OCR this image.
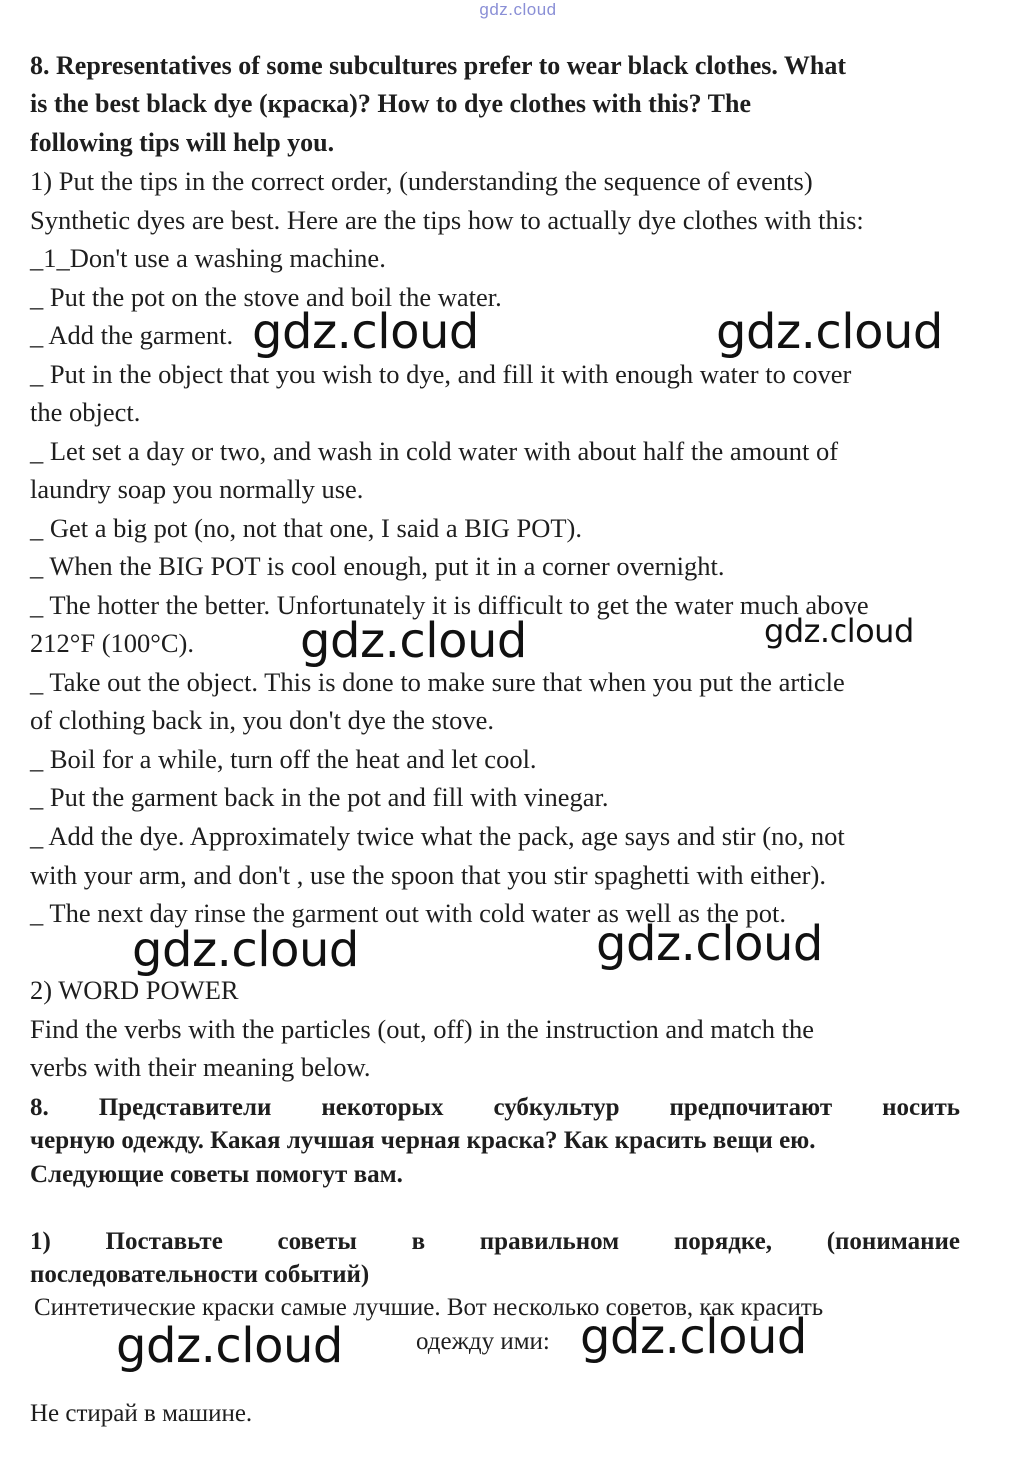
gdz.cloud
8. Representatives of some subcultures prefer to wear black clothes. What
is the best black dye (краска)? How to dye clothes with this? The
following tips will help you.
1) Put the tips in the correct order, (understanding the sequence of events)
Synthetic dyes are best. Here are the tips how to actually dye clothes with this:
_1_Don't use a washing machine.
_ Put the pot on the stove and boil the water.
_ Add the garment.
_ Put in the object that you wish to dye, and fill it with enough water to cover
the object.
_ Let set a day or two, and wash in cold water with about half the amount of
laundry soap you normally use.
_ Get a big pot (no, not that one, I said a BIG POT).
_ When the BIG POT is cool enough, put it in a corner overnight.
_ The hotter the better. Unfortunately it is difficult to get the water much above
212°F (100°C).
_ Take out the object. This is done to make sure that when you put the article
of clothing back in, you don't dye the stove.
_ Boil for a while, turn off the heat and let cool.
_ Put the garment back in the pot and fill with vinegar.
_ Add the dye. Approximately twice what the pack, age says and stir (no, not
with your arm, and don't , use the spoon that you stir spaghetti with either).
_ The next day rinse the garment out with cold water as well as the pot.
2) WORD POWER
Find the verbs with the particles (out, off) in the instruction and match the
verbs with their meaning below.
8. Представители некоторых субкультур предпочитают носить
черную одежду. Какая лучшая черная краска? Как красить вещи ею.
Следующие советы помогут вам.
1) Поставьте советы в правильном порядке, (понимание
последовательности событий)
Синтетические краски самые лучшие. Вот несколько советов, как красить
одежду ими:
Не стирай в машине.
gdz.cloud	gdz.cloud
gdz.cloud	gdz.cloud
gdz.cloud	gdz.cloud
gdz.cloud	gdz.cloud
